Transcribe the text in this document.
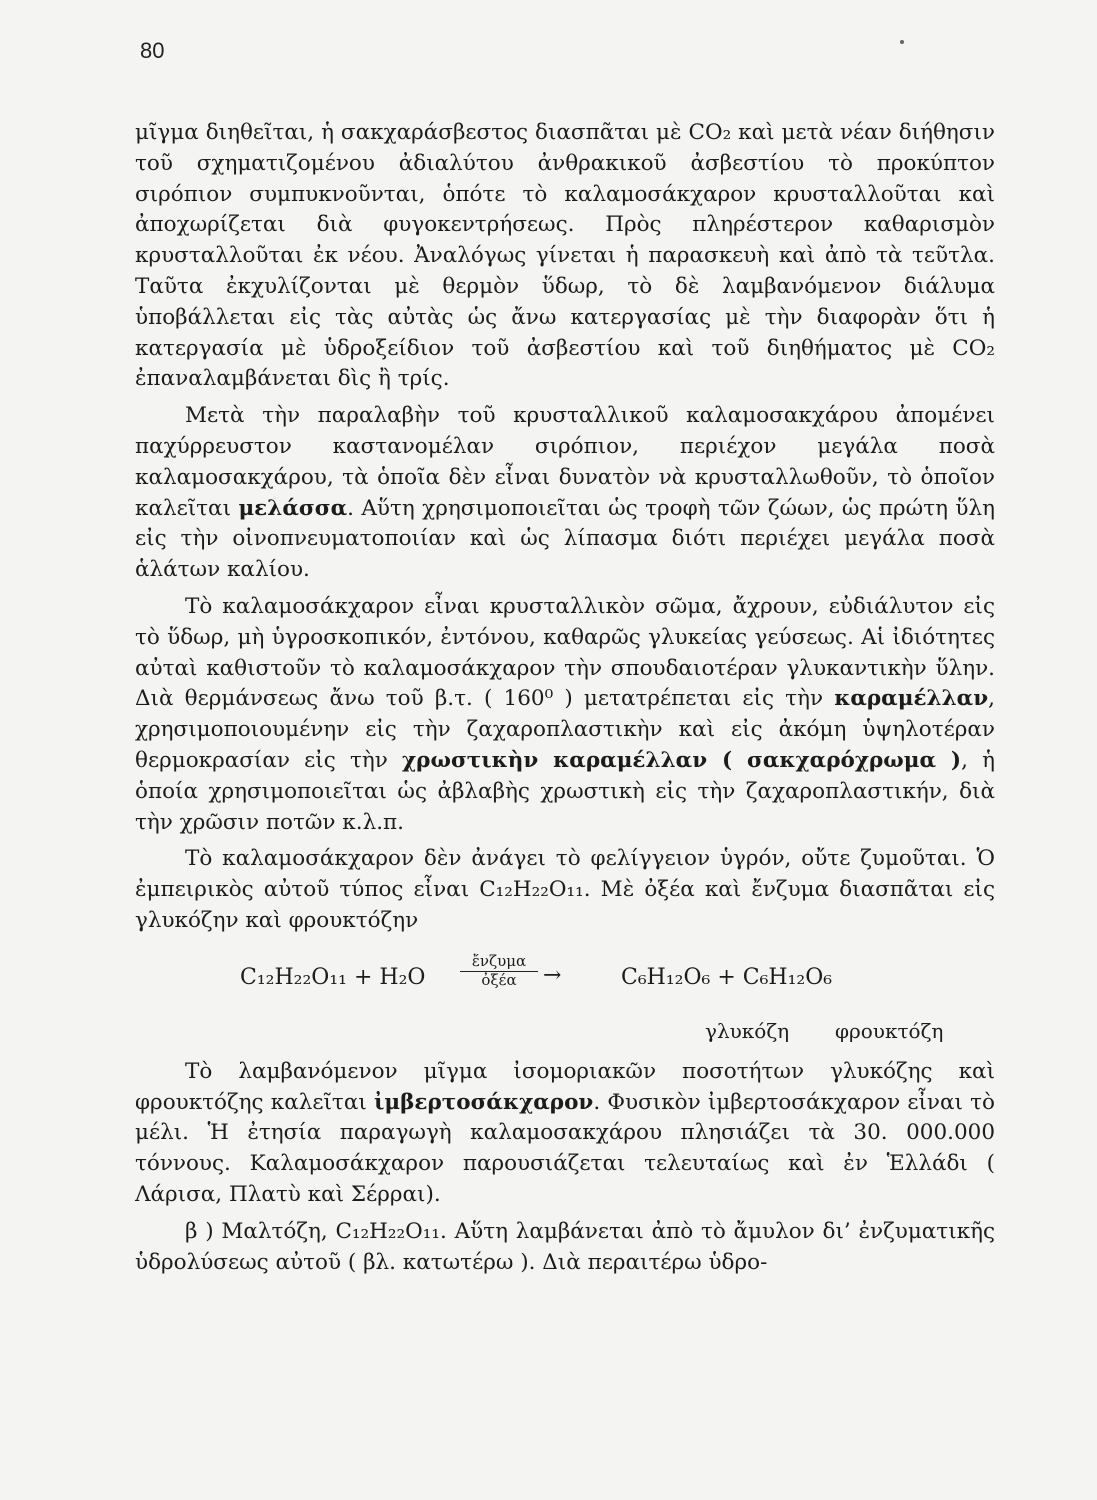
80

μῖγμα διηθεῖται, ἡ σακχαράσβεστος διασπᾶται μὲ CO₂ καὶ μετὰ νέαν διήθησιν τοῦ σχηματιζομένου ἀδιαλύτου ἀνθρακικοῦ ἀσβεστίου τὸ προκύπτον σιρόπιον συμπυκνοῦνται, ὁπότε τὸ καλαμοσάκχαρον κρυσταλλοῦται καὶ ἀποχωρίζεται διὰ φυγοκεντρήσεως. Πρὸς πληρέστερον καθαρισμὸν κρυσταλλοῦται ἐκ νέου. Ἀναλόγως γίνεται ἡ παρασκευὴ καὶ ἀπὸ τὰ τεῦτλα. Ταῦτα ἐκχυλίζονται μὲ θερμὸν ὕδωρ, τὸ δὲ λαμβανόμενον διάλυμα ὑποβάλλεται εἰς τὰς αὐτὰς ὡς ἄνω κατεργασίας μὲ τὴν διαφορὰν ὅτι ἡ κατεργασία μὲ ὑδροξείδιον τοῦ ἀσβεστίου καὶ τοῦ διηθήματος μὲ CO₂ ἐπαναλαμβάνεται δὶς ἢ τρίς.

Μετὰ τὴν παραλαβὴν τοῦ κρυσταλλικοῦ καλαμοσακχάρου ἀπομένει παχύρρευστον καστανομέλαν σιρόπιον, περιέχον μεγάλα ποσὰ καλαμοσακχάρου, τὰ ὁποῖα δὲν εἶναι δυνατὸν νὰ κρυσταλλωθοῦν, τὸ ὁποῖον καλεῖται μελάσσα. Αὕτη χρησιμοποιεῖται ὡς τροφὴ τῶν ζώων, ὡς πρώτη ὕλη εἰς τὴν οἰνοπνευματοποιίαν καὶ ὡς λίπασμα διότι περιέχει μεγάλα ποσὰ ἁλάτων καλίου.

Τὸ καλαμοσάκχαρον εἶναι κρυσταλλικὸν σῶμα, ἄχρουν, εὐδιάλυτον εἰς τὸ ὕδωρ, μὴ ὑγροσκοπικόν, ἐντόνου, καθαρῶς γλυκείας γεύσεως. Αἱ ἰδιότητες αὐταὶ καθιστοῦν τὸ καλαμοσάκχαρον τὴν σπουδαιοτέραν γλυκαντικὴν ὕλην. Διὰ θερμάνσεως ἄνω τοῦ β.τ. ( 160⁰ ) μετατρέπεται εἰς τὴν καραμέλλαν, χρησιμοποιουμένην εἰς τὴν ζαχαροπλαστικὴν καὶ εἰς ἀκόμη ὑψηλοτέραν θερμοκρασίαν εἰς τὴν χρωστικὴν καραμέλλαν ( σακχαρόχρωμα ), ἡ ὁποία χρησιμοποιεῖται ὡς ἀβλαβὴς χρωστικὴ εἰς τὴν ζαχαροπλαστικήν, διὰ τὴν χρῶσιν ποτῶν κ.λ.π.

Τὸ καλαμοσάκχαρον δὲν ἀνάγει τὸ φελίγγειον ὑγρόν, οὔτε ζυμοῦται. Ὁ ἐμπειρικὸς αὐτοῦ τύπος εἶναι C₁₂H₂₂O₁₁. Μὲ ὀξέα καὶ ἔνζυμα διασπᾶται εἰς γλυκόζην καὶ φρουκτόζην

C₁₂H₂₂O₁₁ + H₂O
ἔνζυμα
ὀξέα	→	C₆H₁₂O₆ + C₆H₁₂O₆
γλυκόζη φρουκτόζη

Τὸ λαμβανόμενον μῖγμα ἰσομοριακῶν ποσοτήτων γλυκόζης καὶ φρουκτόζης καλεῖται ἰμβερτοσάκχαρον. Φυσικὸν ἰμβερτοσάκχαρον εἶναι τὸ μέλι. Ἡ ἐτησία παραγωγὴ καλαμοσακχάρου πλησιάζει τὰ 30. 000.000 τόννους. Καλαμοσάκχαρον παρουσιάζεται τελευταίως καὶ ἐν Ἑλλάδι ( Λάρισα, Πλατὺ καὶ Σέρραι).

β ) Μαλτόζη, C₁₂H₂₂O₁₁. Αὕτη λαμβάνεται ἀπὸ τὸ ἄμυλον δι’ ἐνζυματικῆς ὑδρολύσεως αὐτοῦ ( βλ. κατωτέρω ). Διὰ περαιτέρω ὑδρο-
